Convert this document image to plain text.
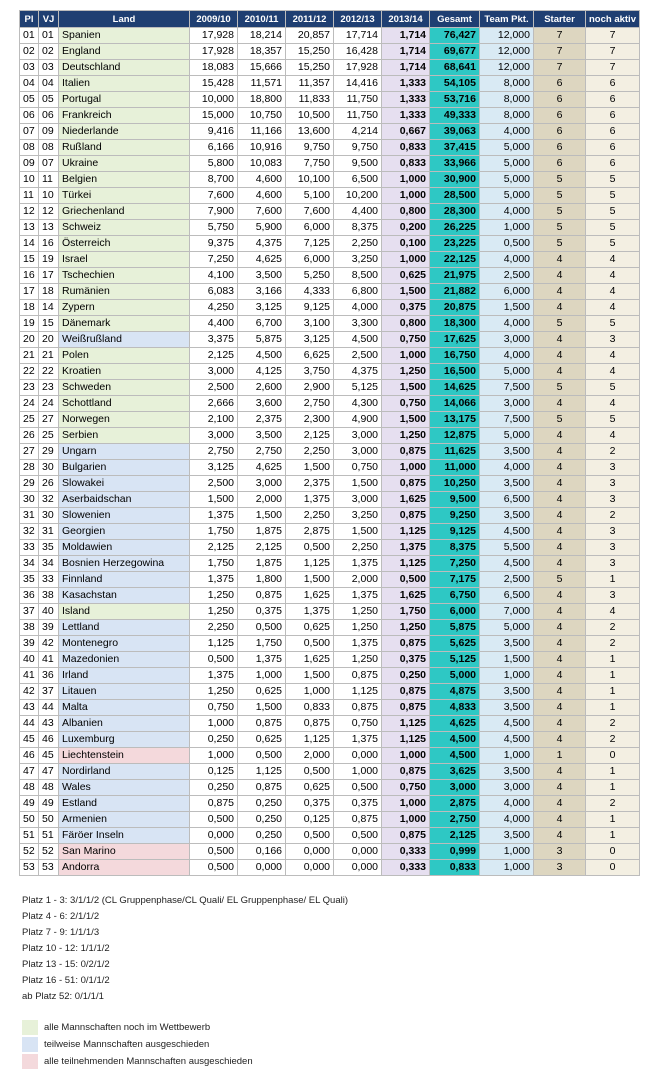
Pl	VJ	Land	2009/10	2010/11	2011/12	2012/13	2013/14	Gesamt	Team Pkt.	Starter	noch aktiv
01	01	Spanien	17,928	18,214	20,857	17,714	1,714	76,427	12,000	7	7
02	02	England	17,928	18,357	15,250	16,428	1,714	69,677	12,000	7	7
03	03	Deutschland	18,083	15,666	15,250	17,928	1,714	68,641	12,000	7	7
04	04	Italien	15,428	11,571	11,357	14,416	1,333	54,105	8,000	6	6
05	05	Portugal	10,000	18,800	11,833	11,750	1,333	53,716	8,000	6	6
06	06	Frankreich	15,000	10,750	10,500	11,750	1,333	49,333	8,000	6	6
07	09	Niederlande	9,416	11,166	13,600	4,214	0,667	39,063	4,000	6	6
08	08	Rußland	6,166	10,916	9,750	9,750	0,833	37,415	5,000	6	6
09	07	Ukraine	5,800	10,083	7,750	9,500	0,833	33,966	5,000	6	6
10	11	Belgien	8,700	4,600	10,100	6,500	1,000	30,900	5,000	5	5
11	10	Türkei	7,600	4,600	5,100	10,200	1,000	28,500	5,000	5	5
12	12	Griechenland	7,900	7,600	7,600	4,400	0,800	28,300	4,000	5	5
13	13	Schweiz	5,750	5,900	6,000	8,375	0,200	26,225	1,000	5	5
14	16	Österreich	9,375	4,375	7,125	2,250	0,100	23,225	0,500	5	5
15	19	Israel	7,250	4,625	6,000	3,250	1,000	22,125	4,000	4	4
16	17	Tschechien	4,100	3,500	5,250	8,500	0,625	21,975	2,500	4	4
17	18	Rumänien	6,083	3,166	4,333	6,800	1,500	21,882	6,000	4	4
18	14	Zypern	4,250	3,125	9,125	4,000	0,375	20,875	1,500	4	4
19	15	Dänemark	4,400	6,700	3,100	3,300	0,800	18,300	4,000	5	5
20	20	Weißrußland	3,375	5,875	3,125	4,500	0,750	17,625	3,000	4	3
21	21	Polen	2,125	4,500	6,625	2,500	1,000	16,750	4,000	4	4
22	22	Kroatien	3,000	4,125	3,750	4,375	1,250	16,500	5,000	4	4
23	23	Schweden	2,500	2,600	2,900	5,125	1,500	14,625	7,500	5	5
24	24	Schottland	2,666	3,600	2,750	4,300	0,750	14,066	3,000	4	4
25	27	Norwegen	2,100	2,375	2,300	4,900	1,500	13,175	7,500	5	5
26	25	Serbien	3,000	3,500	2,125	3,000	1,250	12,875	5,000	4	4
27	29	Ungarn	2,750	2,750	2,250	3,000	0,875	11,625	3,500	4	2
28	30	Bulgarien	3,125	4,625	1,500	0,750	1,000	11,000	4,000	4	3
29	26	Slowakei	2,500	3,000	2,375	1,500	0,875	10,250	3,500	4	3
30	32	Aserbaidschan	1,500	2,000	1,375	3,000	1,625	9,500	6,500	4	3
31	30	Slowenien	1,375	1,500	2,250	3,250	0,875	9,250	3,500	4	2
32	31	Georgien	1,750	1,875	2,875	1,500	1,125	9,125	4,500	4	3
33	35	Moldawien	2,125	2,125	0,500	2,250	1,375	8,375	5,500	4	3
34	34	Bosnien Herzegowina	1,750	1,875	1,125	1,375	1,125	7,250	4,500	4	3
35	33	Finnland	1,375	1,800	1,500	2,000	0,500	7,175	2,500	5	1
36	38	Kasachstan	1,250	0,875	1,625	1,375	1,625	6,750	6,500	4	3
37	40	Island	1,250	0,375	1,375	1,250	1,750	6,000	7,000	4	4
38	39	Lettland	2,250	0,500	0,625	1,250	1,250	5,875	5,000	4	2
39	42	Montenegro	1,125	1,750	0,500	1,375	0,875	5,625	3,500	4	2
40	41	Mazedonien	0,500	1,375	1,625	1,250	0,375	5,125	1,500	4	1
41	36	Irland	1,375	1,000	1,500	0,875	0,250	5,000	1,000	4	1
42	37	Litauen	1,250	0,625	1,000	1,125	0,875	4,875	3,500	4	1
43	44	Malta	0,750	1,500	0,833	0,875	0,875	4,833	3,500	4	1
44	43	Albanien	1,000	0,875	0,875	0,750	1,125	4,625	4,500	4	2
45	46	Luxemburg	0,250	0,625	1,125	1,375	1,125	4,500	4,500	4	2
46	45	Liechtenstein	1,000	0,500	2,000	0,000	1,000	4,500	1,000	1	0
47	47	Nordirland	0,125	1,125	0,500	1,000	0,875	3,625	3,500	4	1
48	48	Wales	0,250	0,875	0,625	0,500	0,750	3,000	3,000	4	1
49	49	Estland	0,875	0,250	0,375	0,375	1,000	2,875	4,000	4	2
50	50	Armenien	0,500	0,250	0,125	0,875	1,000	2,750	4,000	4	1
51	51	Färöer Inseln	0,000	0,250	0,500	0,500	0,875	2,125	3,500	4	1
52	52	San Marino	0,500	0,166	0,000	0,000	0,333	0,999	1,000	3	0
53	53	Andorra	0,500	0,000	0,000	0,000	0,333	0,833	1,000	3	0
Platz 1 - 3: 3/1/1/2 (CL Gruppenphase/CL Quali/ EL Gruppenphase/ EL Quali)
Platz 4 - 6: 2/1/1/2
Platz 7 - 9: 1/1/1/3
Platz 10 - 12: 1/1/1/2
Platz 13 - 15: 0/2/1/2
Platz 16 - 51: 0/1/1/2
ab Platz 52: 0/1/1/1
alle Mannschaften noch im Wettbewerb
teilweise Mannschaften ausgeschieden
alle teilnehmenden Mannschaften ausgeschieden
